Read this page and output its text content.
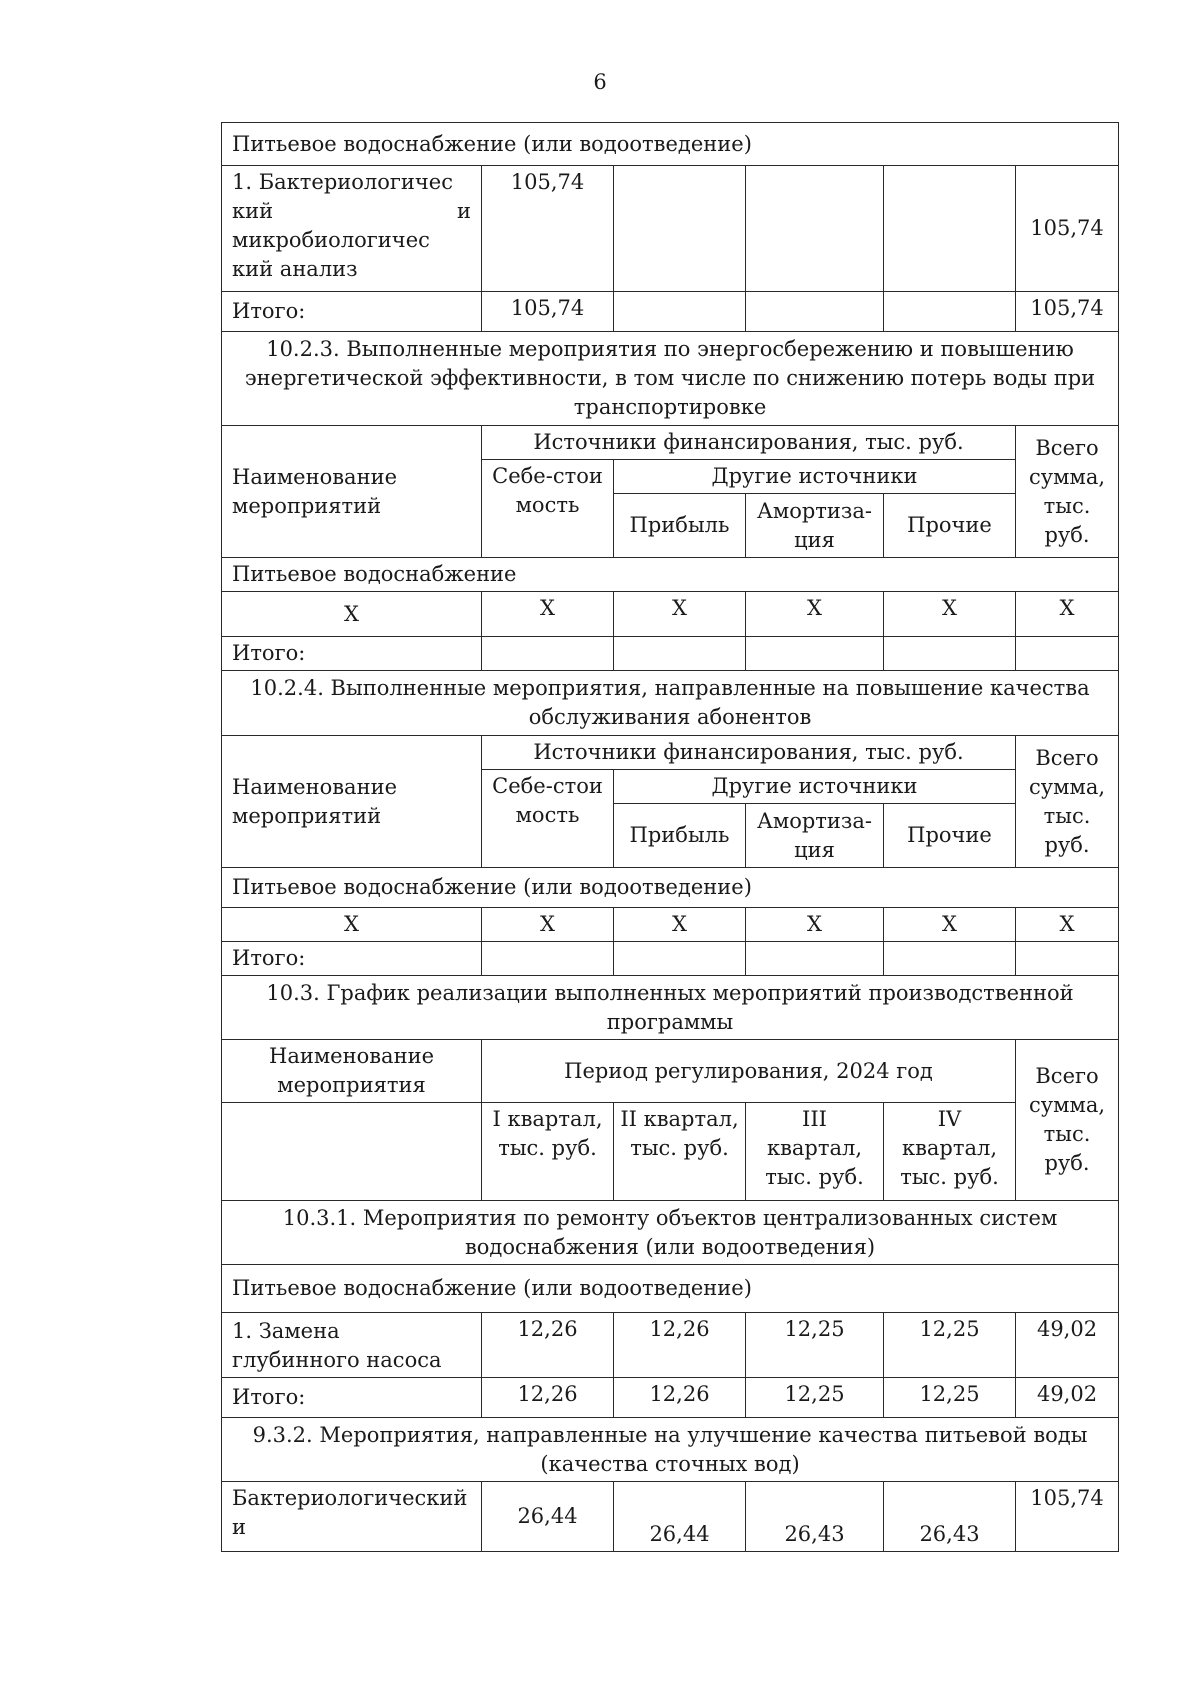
6
Питьевое водоснабжение (или водоотведение)					

1. Бактериологичес кий и
микробиологичес кий анализ	105,74				105,74
Итого:	105,74				105,74
10.2.3. Выполненные мероприятия по энергосбережению и повышению энергетической эффективности, в том числе по снижению потерь воды при транспортировке					
Наименование мероприятий	Источники финансирования, тыс. руб.				Всего сумма, тыс. руб.
	Себе-стоимость	Другие источники			
		Прибыль	Амортиза-ция	Прочие	
Питьевое водоснабжение					
Х	Х	Х	Х	Х	Х
Итого:					
10.2.4. Выполненные мероприятия, направленные на повышение качества обслуживания абонентов					
Наименование мероприятий	Источники финансирования, тыс. руб.				Всего сумма, тыс. руб.
	Себе-стоимость	Другие источники			
		Прибыль	Амортиза-ция	Прочие	
Питьевое водоснабжение (или водоотведение)					
Х	Х	Х	Х	Х	Х
Итого:					
10.3. График реализации выполненных мероприятий производственной программы					
Наименование мероприятия	Период регулирования, 2024 год				Всего сумма, тыс. руб.
	I квартал, тыс. руб.	II квартал, тыс. руб.	III квартал, тыс. руб.	IV квартал, тыс. руб.	
10.3.1. Мероприятия по ремонту объектов централизованных систем водоснабжения (или водоотведения)					
Питьевое водоснабжение (или водоотведение)					
1. Замена глубинного насоса	12,26	12,26	12,25	12,25	49,02
Итого:	12,26	12,26	12,25	12,25	49,02
9.3.2. Мероприятия, направленные на улучшение качества питьевой воды (качества сточных вод)					
Бактериологический и	26,44	26,44	26,43	26,43	105,74
